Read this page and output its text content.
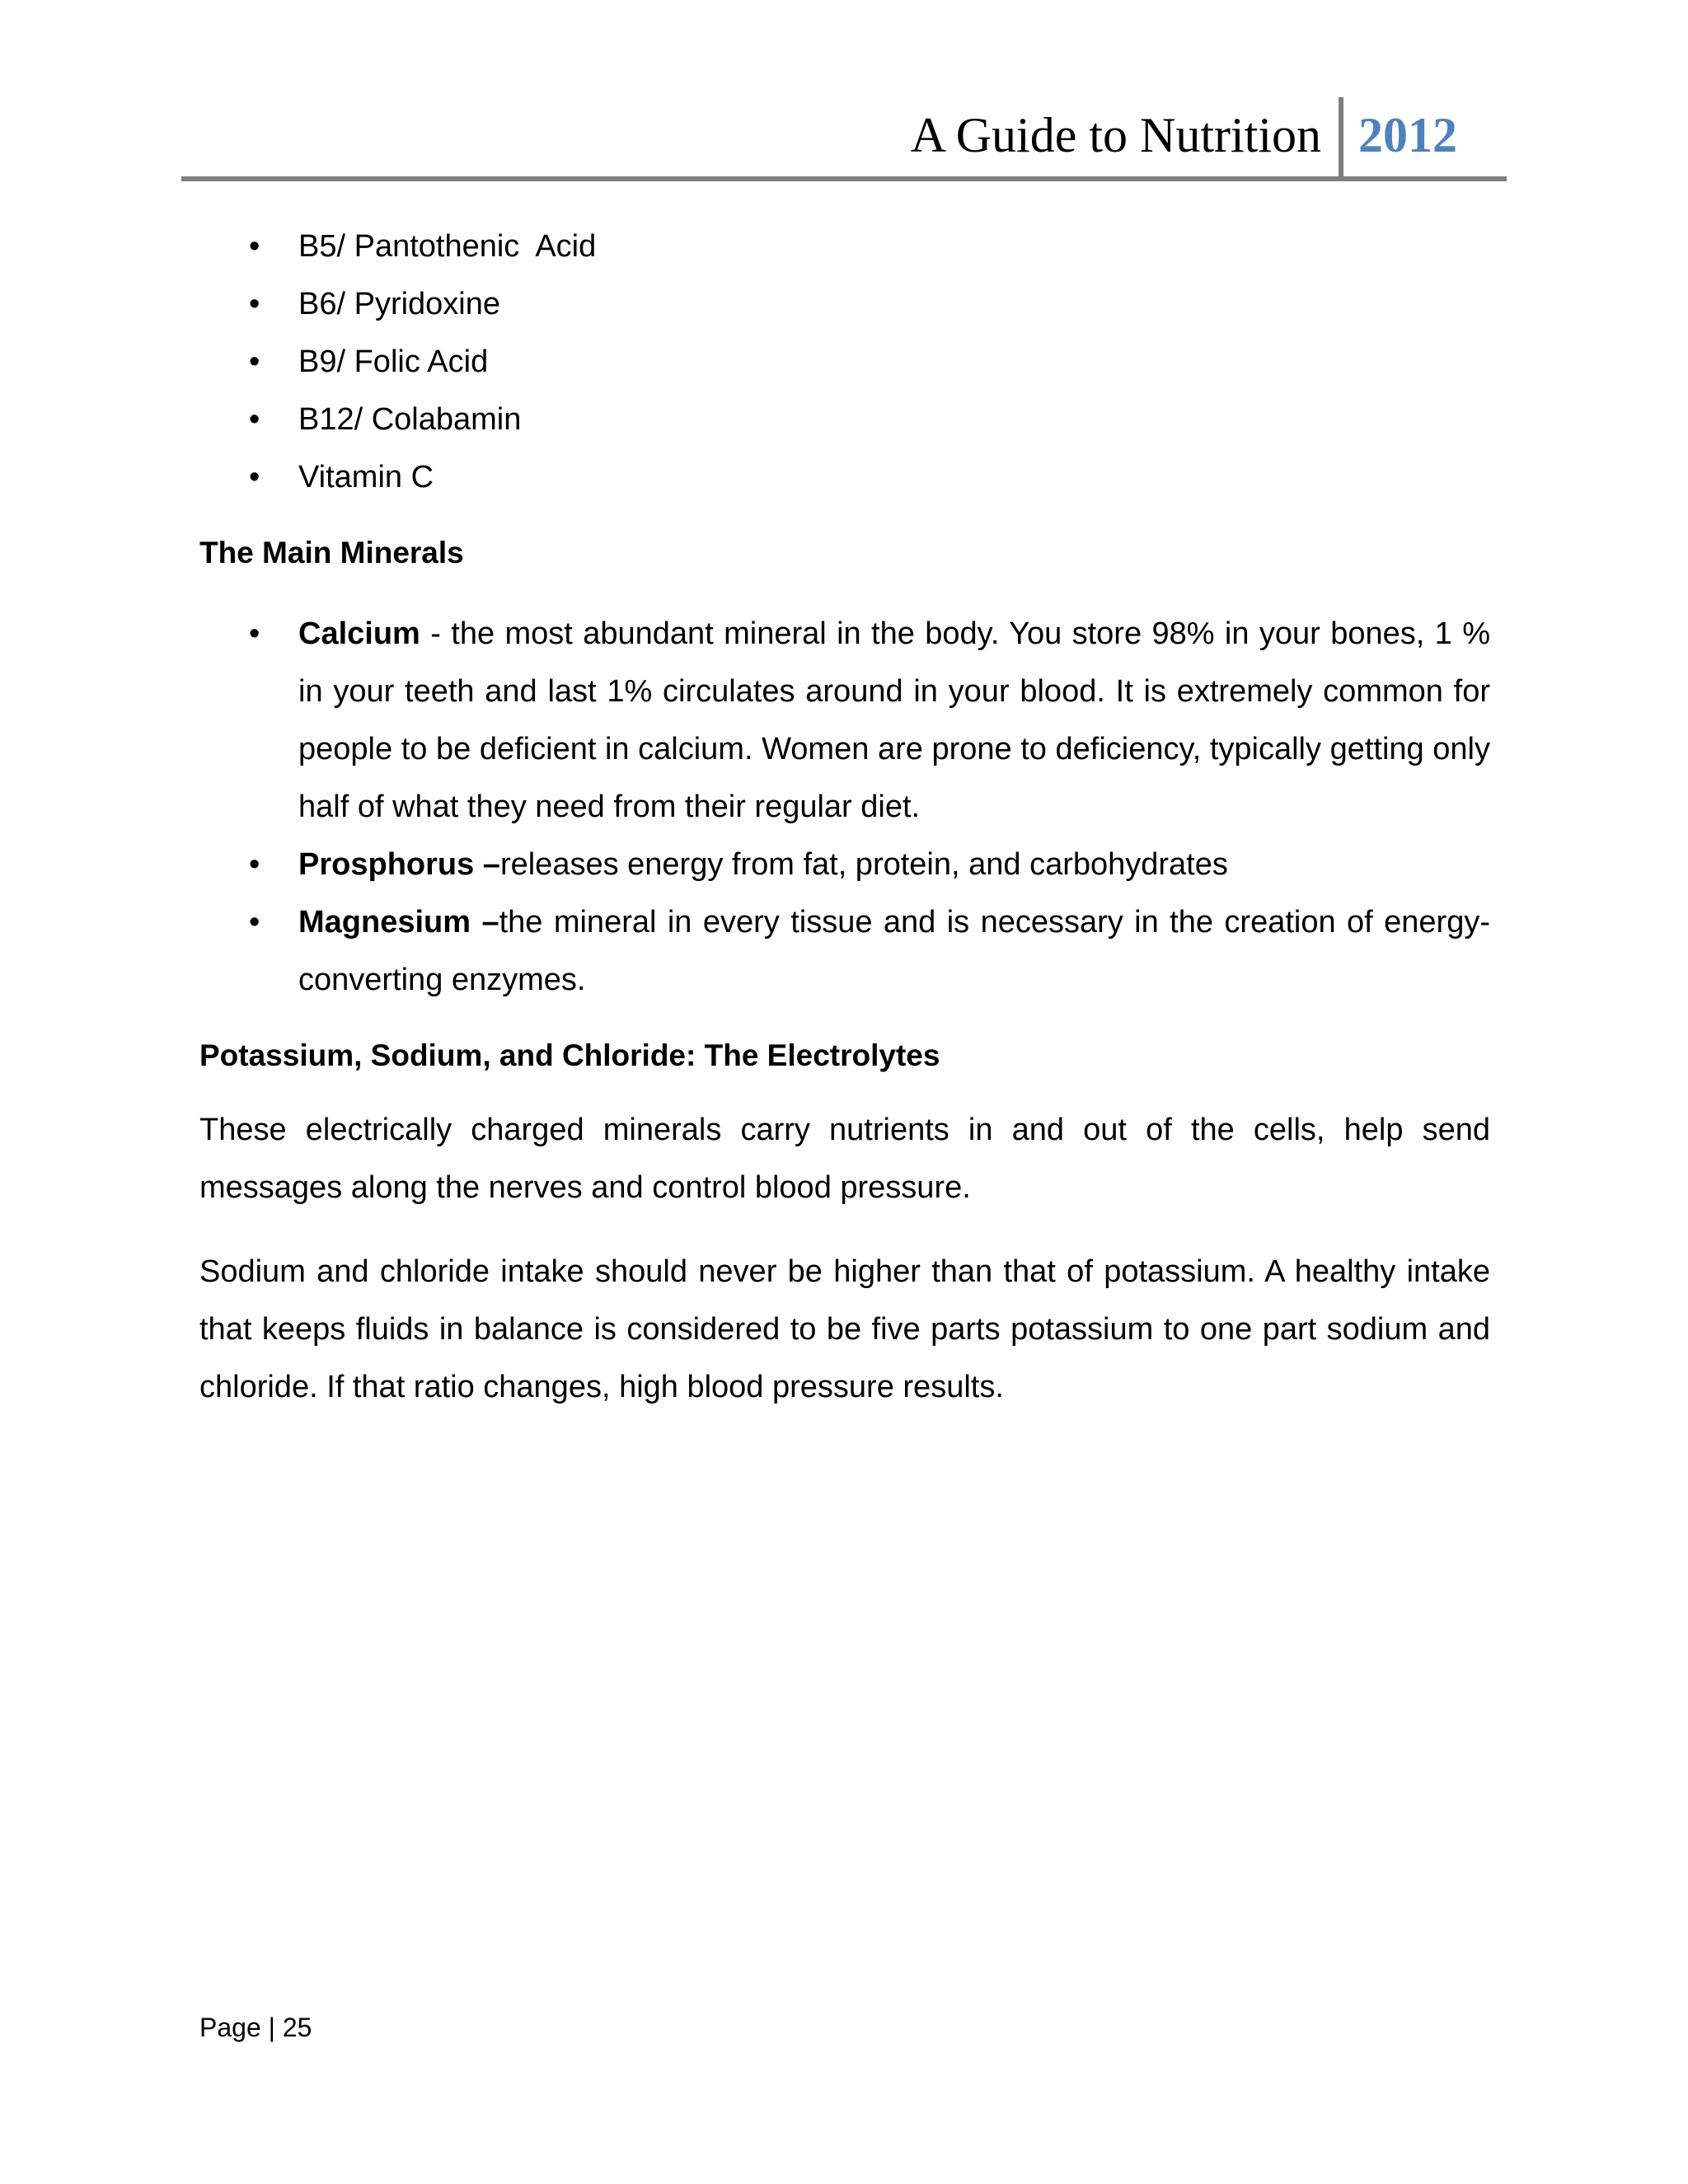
A Guide to Nutrition 2012
• B5/ Pantothenic  Acid
• B6/ Pyridoxine
• B9/ Folic Acid
• B12/ Colabamin
• Vitamin C
The Main Minerals
• Calcium - the most abundant mineral in the body. You store 98% in your bones, 1 % in your teeth and last 1% circulates around in your blood. It is extremely common for people to be deficient in calcium. Women are prone to deficiency, typically getting only half of what they need from their regular diet.
• Prosphorus –releases energy from fat, protein, and carbohydrates
• Magnesium –the mineral in every tissue and is necessary in the creation of energy-converting enzymes.
Potassium, Sodium, and Chloride: The Electrolytes

These electrically charged minerals carry nutrients in and out of the cells, help send messages along the nerves and control blood pressure.

Sodium and chloride intake should never be higher than that of potassium. A healthy intake that keeps fluids in balance is considered to be five parts potassium to one part sodium and chloride. If that ratio changes, high blood pressure results.

Page | 25
